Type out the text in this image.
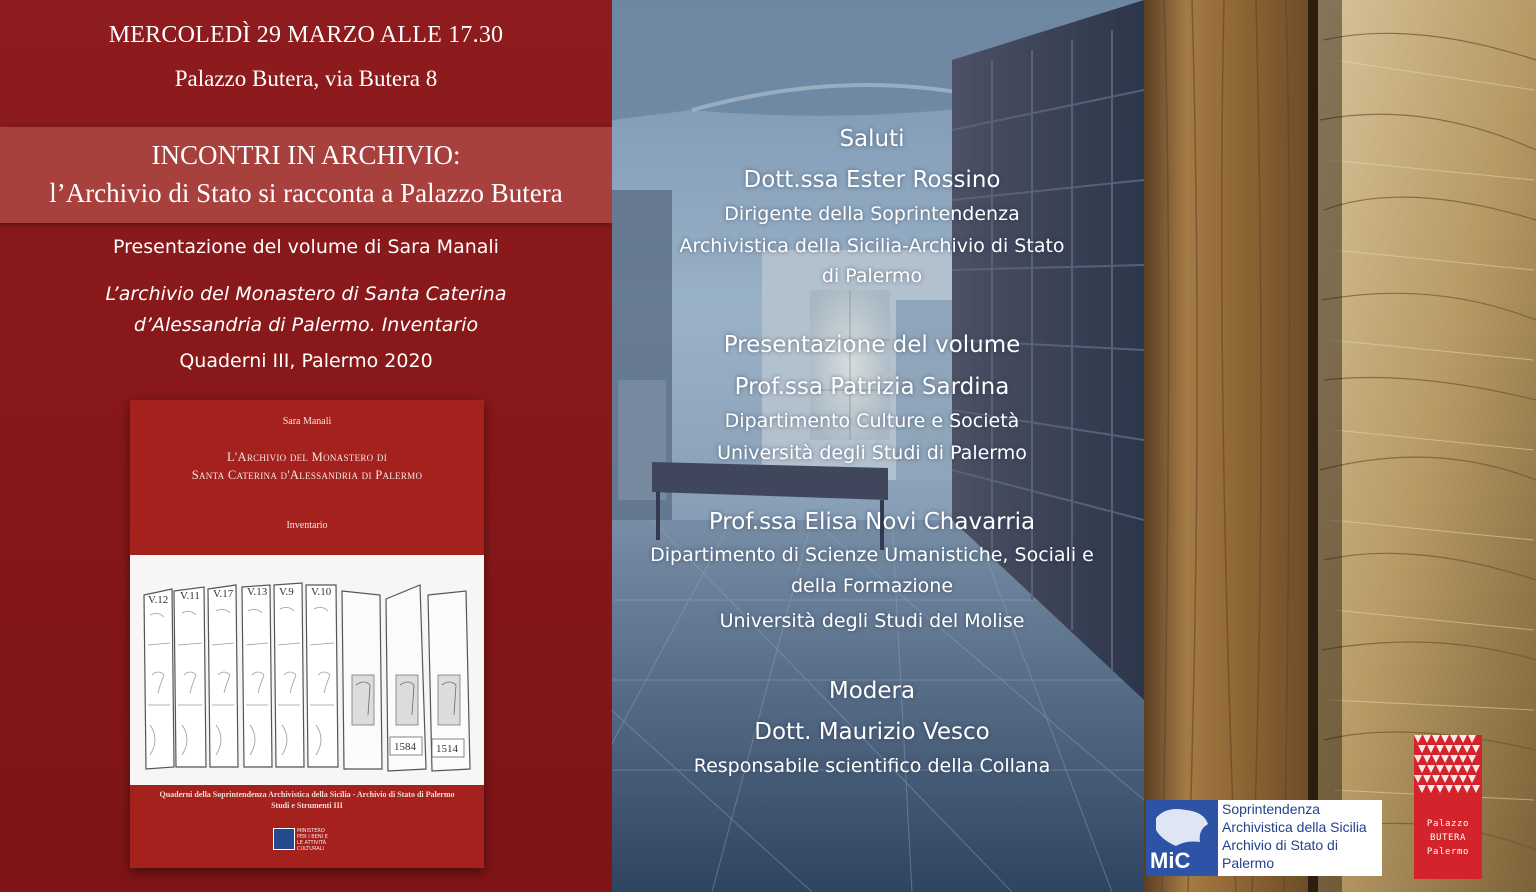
MERCOLEDÌ 29 MARZO ALLE 17.30
Palazzo Butera, via Butera 8
INCONTRI IN ARCHIVIO:
l’Archivio di Stato si racconta a Palazzo Butera
Presentazione del volume di Sara Manali
L’archivio del Monastero di Santa Caterina
d’Alessandria di Palermo. Inventario
Quaderni III, Palermo 2020
Sara Manali
L'Archivio del Monastero di
Santa Caterina d'Alessandria di Palermo
Inventario
V.12 V.11 V.17 V.13 V.9 V.10
1584 1514
Quaderni della Soprintendenza Archivistica della Sicilia - Archivio di Stato di Palermo
Studi e Strumenti III
MINISTERO
PER I BENI E
LE ATTIVITÀ
CULTURALI
Saluti
Dott.ssa Ester Rossino
Dirigente della Soprintendenza
Archivistica della Sicilia-Archivio di Stato
di Palermo
Presentazione del volume
Prof.ssa Patrizia Sardina
Dipartimento Culture e Società
Università degli Studi di Palermo
Prof.ssa Elisa Novi Chavarria
Dipartimento di Scienze Umanistiche, Sociali e
della Formazione
Università degli Studi del Molise
Modera
Dott. Maurizio Vesco
Responsabile scientifico della Collana
MiC
Soprintendenza
Archivistica della Sicilia
Archivio di Stato di
Palermo
Palazzo
BUTERA
Palermo
